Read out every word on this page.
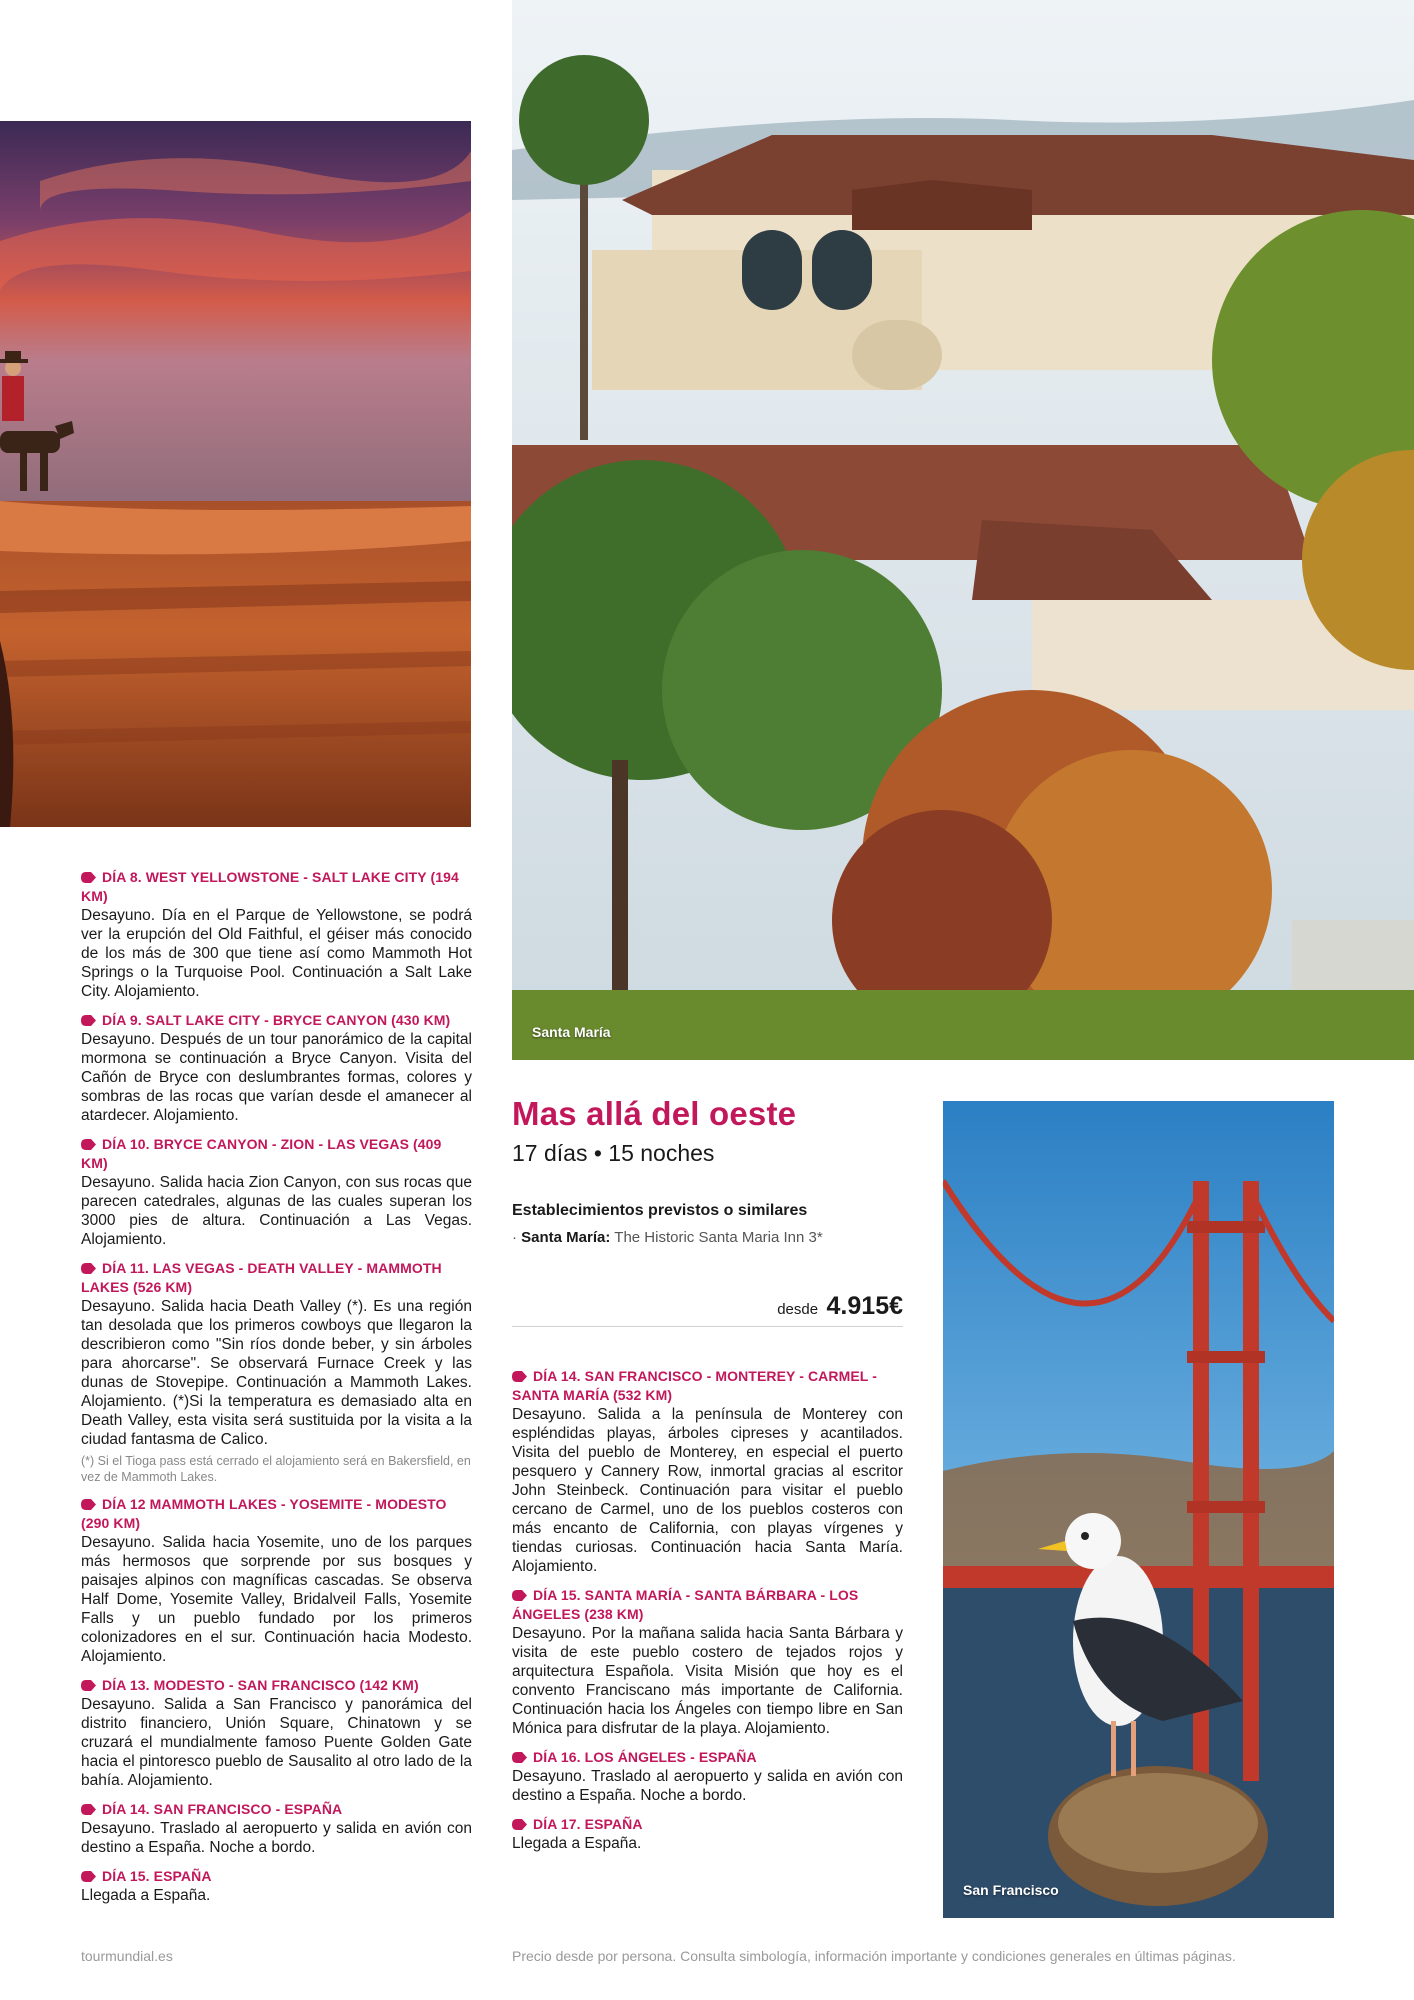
Santa María
San Francisco
DÍA 8. WEST YELLOWSTONE - SALT LAKE CITY (194 KM)
Desayuno. Día en el Parque de Yellowstone, se podrá ver la erupción del Old Faithful, el géiser más conocido de los más de 300 que tiene así como Mammoth Hot Springs o la Turquoise Pool. Continuación a Salt Lake City. Alojamiento.
DÍA 9. SALT LAKE CITY - BRYCE CANYON (430 KM)
Desayuno. Después de un tour panorámico de la capital mormona se continuación a Bryce Canyon. Visita del Cañón de Bryce con deslumbrantes formas, colores y sombras de las rocas que varían desde el amanecer al atardecer. Alojamiento.
DÍA 10. BRYCE CANYON - ZION - LAS VEGAS (409 KM)
Desayuno. Salida hacia Zion Canyon, con sus rocas que parecen catedrales, algunas de las cuales superan los 3000 pies de altura. Continuación a Las Vegas. Alojamiento.
DÍA 11. LAS VEGAS - DEATH VALLEY - MAMMOTH LAKES (526 KM)
Desayuno. Salida hacia Death Valley (*). Es una región tan desolada que los primeros cowboys que llegaron la describieron como "Sin ríos donde beber, y sin árboles para ahorcarse". Se observará Furnace Creek y las dunas de Stovepipe. Continuación a Mammoth Lakes. Alojamiento. (*)Si la temperatura es demasiado alta en Death Valley, esta visita será sustituida por la visita a la ciudad fantasma de Calico.
(*) Si el Tioga pass está cerrado el alojamiento será en Bakersfield, en vez de Mammoth Lakes.
DÍA 12 MAMMOTH LAKES - YOSEMITE - MODESTO (290 KM)
Desayuno. Salida hacia Yosemite, uno de los parques más hermosos que sorprende por sus bosques y paisajes alpinos con magníficas cascadas. Se observa Half Dome, Yosemite Valley, Bridalveil Falls, Yosemite Falls y un pueblo fundado por los primeros colonizadores en el sur. Continuación hacia Modesto. Alojamiento.
DÍA 13. MODESTO - SAN FRANCISCO (142 KM)
Desayuno. Salida a San Francisco y panorámica del distrito financiero, Unión Square, Chinatown y se cruzará el mundialmente famoso Puente Golden Gate hacia el pintoresco pueblo de Sausalito al otro lado de la bahía. Alojamiento.
DÍA 14. SAN FRANCISCO - ESPAÑA
Desayuno. Traslado al aeropuerto y salida en avión con destino a España. Noche a bordo.
DÍA 15. ESPAÑA
Llegada a España.
Mas allá del oeste
17 días • 15 noches
Establecimientos previstos o similares
· Santa María: The Historic Santa Maria Inn 3*
desde 4.915€
DÍA 14. SAN FRANCISCO - MONTEREY - CARMEL - SANTA MARÍA (532 KM)
Desayuno. Salida a la península de Monterey con espléndidas playas, árboles cipreses y acantilados. Visita del pueblo de Monterey, en especial el puerto pesquero y Cannery Row, inmortal gracias al escritor John Steinbeck. Continuación para visitar el pueblo cercano de Carmel, uno de los pueblos costeros con más encanto de California, con playas vírgenes y tiendas curiosas. Continuación hacia Santa María. Alojamiento.
DÍA 15. SANTA MARÍA - SANTA BÁRBARA - LOS ÁNGELES (238 KM)
Desayuno. Por la mañana salida hacia Santa Bárbara y visita de este pueblo costero de tejados rojos y arquitectura Española. Visita Misión que hoy es el convento Franciscano más importante de California. Continuación hacia los Ángeles con tiempo libre en San Mónica para disfrutar de la playa. Alojamiento.
DÍA 16. LOS ÁNGELES - ESPAÑA
Desayuno. Traslado al aeropuerto y salida en avión con destino a España. Noche a bordo.
DÍA 17. ESPAÑA
Llegada a España.
tourmundial.es	Precio desde por persona. Consulta simbología, información importante y condiciones generales en últimas páginas.
